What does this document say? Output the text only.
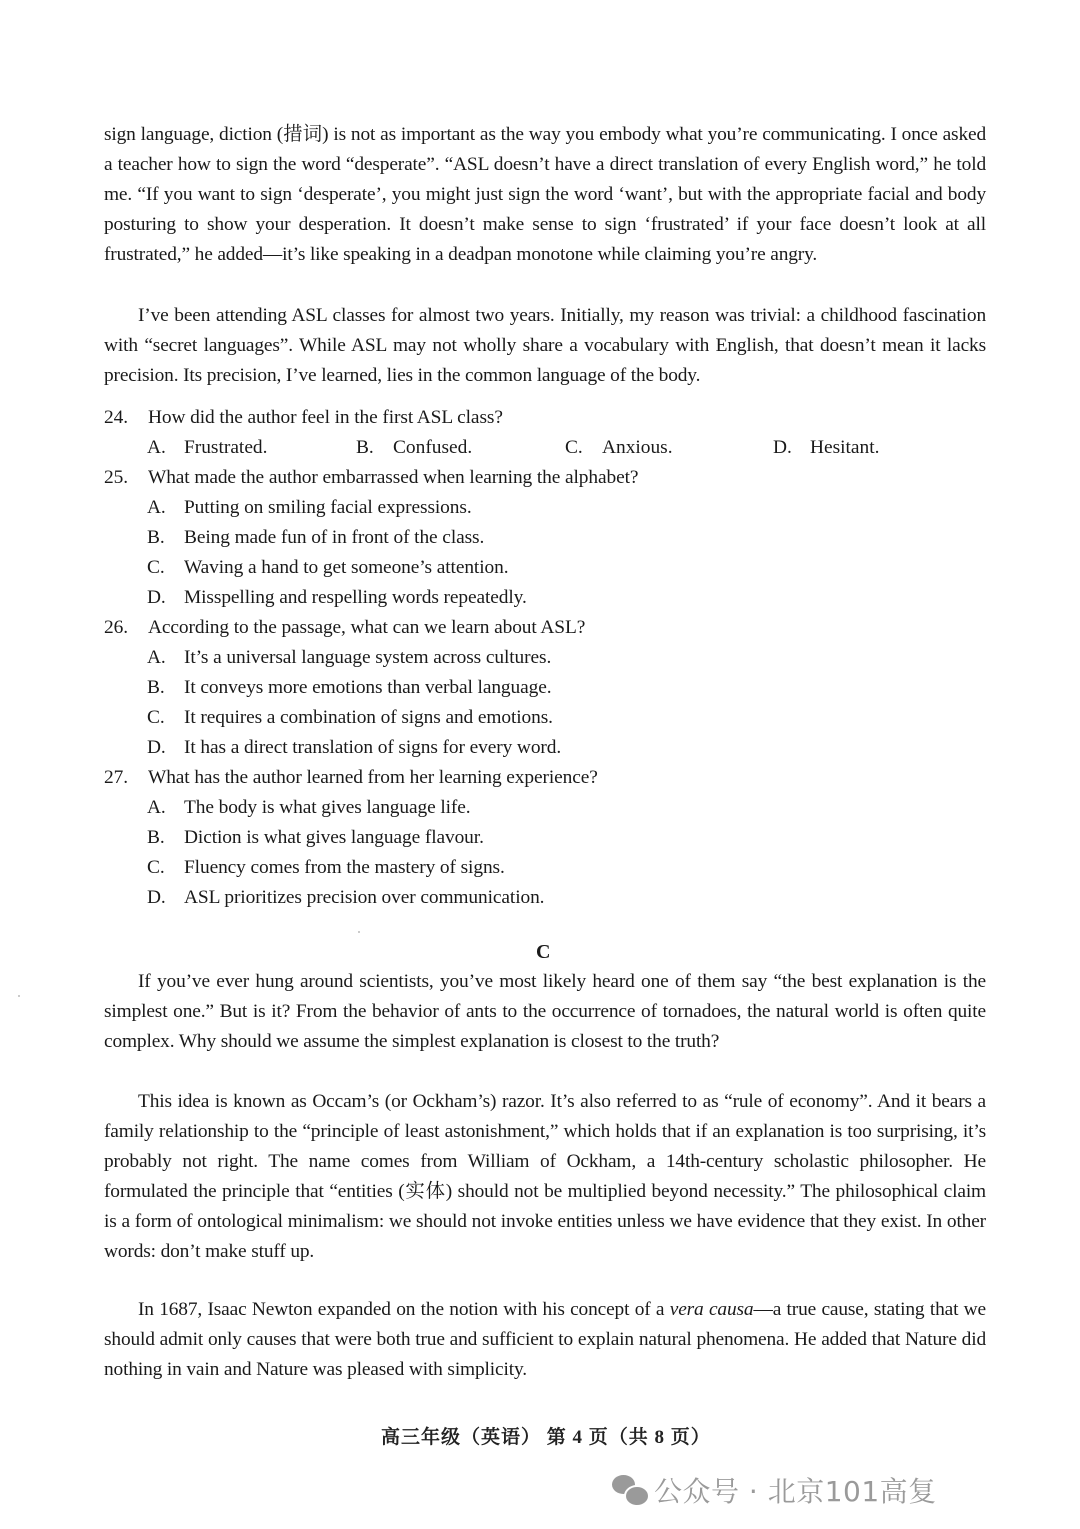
sign language, diction (措词) is not as important as the way you embody what you’re communicating. I once asked a teacher how to sign the word “desperate”. “ASL doesn’t have a direct translation of every English word,” he told me. “If you want to sign ‘desperate’, you might just sign the word ‘want’, but with the appropriate facial and body posturing to show your desperation. It doesn’t make sense to sign ‘frustrated’ if your face doesn’t look at all frustrated,” he added—it’s like speaking in a deadpan monotone while claiming you’re angry.

I’ve been attending ASL classes for almost two years. Initially, my reason was trivial: a childhood fascination with “secret languages”. While ASL may not wholly share a vocabulary with English, that doesn’t mean it lacks precision. Its precision, I’ve learned, lies in the common language of the body.

24. How did the author feel in the first ASL class?
A. Frustrated.	B. Confused.	C. Anxious.	D. Hesitant.
25. What made the author embarrassed when learning the alphabet?
A. Putting on smiling facial expressions.
B. Being made fun of in front of the class.
C. Waving a hand to get someone’s attention.
D. Misspelling and respelling words repeatedly.
26. According to the passage, what can we learn about ASL?
A. It’s a universal language system across cultures.
B. It conveys more emotions than verbal language.
C. It requires a combination of signs and emotions.
D. It has a direct translation of signs for every word.
27. What has the author learned from her learning experience?
A. The body is what gives language life.
B. Diction is what gives language flavour.
C. Fluency comes from the mastery of signs.
D. ASL prioritizes precision over communication.
C

If you’ve ever hung around scientists, you’ve most likely heard one of them say “the best explanation is the simplest one.” But is it? From the behavior of ants to the occurrence of tornadoes, the natural world is often quite complex. Why should we assume the simplest explanation is closest to the truth?

This idea is known as Occam’s (or Ockham’s) razor. It’s also referred to as “rule of economy”. And it bears a family relationship to the “principle of least astonishment,” which holds that if an explanation is too surprising, it’s probably not right. The name comes from William of Ockham, a 14th-century scholastic philosopher. He formulated the principle that “entities (实体) should not be multiplied beyond necessity.” The philosophical claim is a form of ontological minimalism: we should not invoke entities unless we have evidence that they exist. In other words: don’t make stuff up.

In 1687, Isaac Newton expanded on the notion with his concept of a vera causa—a true cause, stating that we should admit only causes that were both true and sufficient to explain natural phenomena. He added that Nature did nothing in vain and Nature was pleased with simplicity.

高三年级（英语） 第 4 页（共 8 页）
公众号 · 北京101高复
